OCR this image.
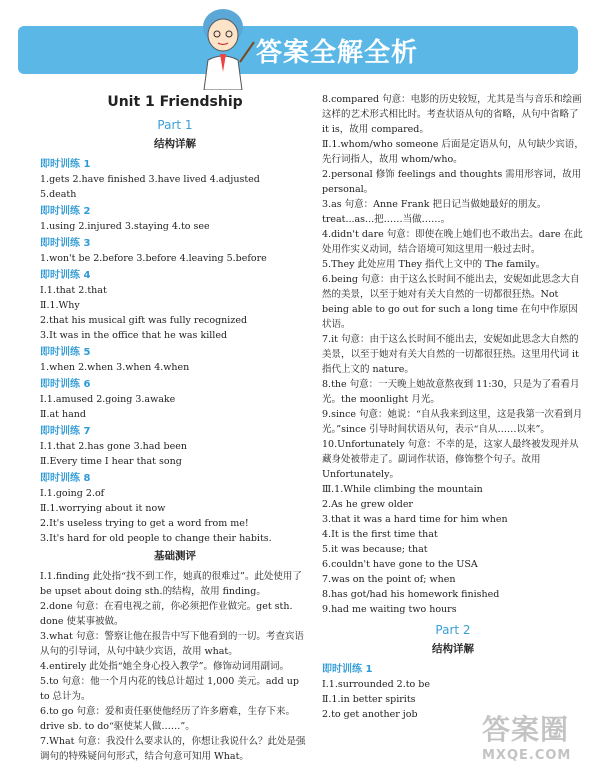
答案全解全析
Unit 1 Friendship
Part 1
结构详解
即时训练 1
1.gets 2.have finished 3.have lived 4.adjusted
5.death
即时训练 2
1.using 2.injured 3.staying 4.to see
即时训练 3
1.won't be 2.before 3.before 4.leaving 5.before
即时训练 4
Ⅰ.1.that 2.that
Ⅱ.1.Why
2.that his musical gift was fully recognized
3.It was in the office that he was killed
即时训练 5
1.when 2.when 3.when 4.when
即时训练 6
Ⅰ.1.amused 2.going 3.awake
Ⅱ.at hand
即时训练 7
Ⅰ.1.that 2.has gone 3.had been
Ⅱ.Every time I hear that song
即时训练 8
Ⅰ.1.going 2.of
Ⅱ.1.worrying about it now
2.It's useless trying to get a word from me!
3.It's hard for old people to change their habits.
基础测评
Ⅰ.1.finding 此处指“找不到工作，她真的很难过”。此处使用了 be upset about doing sth.的结构，故用 finding。
2.done 句意：在看电视之前，你必须把作业做完。get sth. done 使某事被做。
3.what 句意：警察让他在报告中写下他看到的一切。考查宾语从句的引导词，从句中缺少宾语，故用 what。
4.entirely 此处指“她全身心投入教学”。修饰动词用副词。
5.to 句意：他一个月内花的钱总计超过 1,000 美元。add up to 总计为。
6.to go 句意：爱和责任驱使他经历了许多磨难，生存下来。drive sb. to do“驱使某人做……”。
7.What 句意：我没什么要求认的，你想让我说什么？此处是强调句的特殊疑问句形式，结合句意可知用 What。
8.compared 句意：电影的历史较短，尤其是当与音乐和绘画这样的艺术形式相比时。考查状语从句的省略，从句中省略了 it is，故用 compared。
Ⅱ.1.whom/who someone 后面是定语从句，从句缺少宾语，先行词指人，故用 whom/who。
2.personal 修饰 feelings and thoughts 需用形容词，故用 personal。
3.as 句意：Anne Frank 把日记当做她最好的朋友。treat...as...把……当做……。
4.didn't dare 句意：即使在晚上她们也不敢出去。dare 在此处用作实义动词，结合语境可知这里用一般过去时。
5.They 此处应用 They 指代上文中的 The family。
6.being 句意：由于这么长时间不能出去，安妮如此思念大自然的美景，以至于她对有关大自然的一切都很狂热。Not being able to go out for such a long time 在句中作原因状语。
7.it 句意：由于这么长时间不能出去，安妮如此思念大自然的美景，以至于她对有关大自然的一切都很狂热。这里用代词 it 指代上文的 nature。
8.the 句意：一天晚上她故意熬夜到 11:30，只是为了看看月光。the moonlight 月光。
9.since 句意：她说：“自从我来到这里，这是我第一次看到月光。”since 引导时间状语从句，表示“自从……以来”。
10.Unfortunately 句意：不幸的是，这家人最终被发现并从藏身处被带走了。副词作状语，修饰整个句子。故用 Unfortunately。
Ⅲ.1.While climbing the mountain
2.As he grew older
3.that it was a hard time for him when
4.It is the first time that
5.it was because; that
6.couldn't have gone to the USA
7.was on the point of; when
8.has got/had his homework finished
9.had me waiting two hours
Part 2
结构详解
即时训练 1
Ⅰ.1.surrounded 2.to be
Ⅱ.1.in better spirits
2.to get another job	答案圈
MXQE.COM
